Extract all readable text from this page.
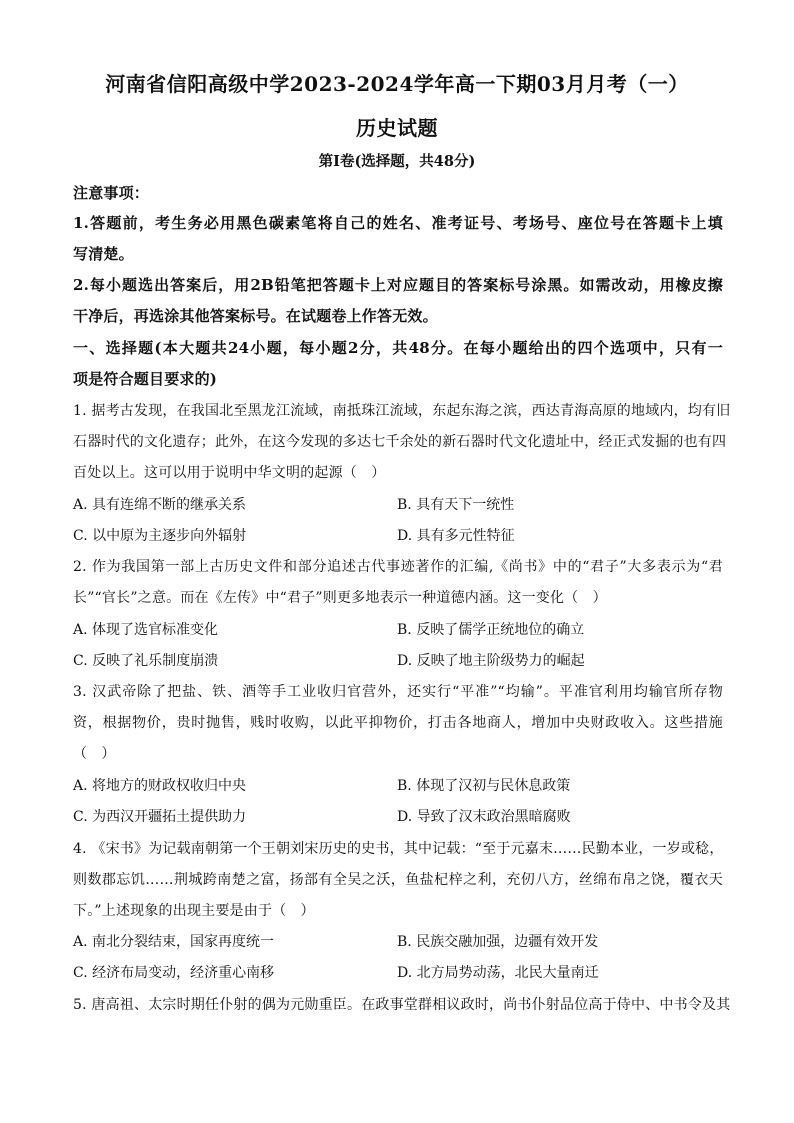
河南省信阳高级中学2023-2024学年高一下期03月月考（一）
历史试题
第Ⅰ卷(选择题，共48分)
注意事项：
1.答题前，考生务必用黑色碳素笔将自己的姓名、准考证号、考场号、座位号在答题卡上填
写清楚。
2.每小题选出答案后，用2B铅笔把答题卡上对应题目的答案标号涂黑。如需改动，用橡皮擦
干净后，再选涂其他答案标号。在试题卷上作答无效。
一、选择题(本大题共24小题，每小题2分，共48分。在每小题给出的四个选项中，只有一
项是符合题目要求的)
1. 据考古发现，在我国北至黑龙江流域，南抵珠江流域，东起东海之滨，西达青海高原的地域内，均有旧
石器时代的文化遗存；此外，在这今发现的多达七千余处的新石器时代文化遗址中，经正式发掘的也有四
百处以上。这可以用于说明中华文明的起源（　）
A. 具有连绵不断的继承关系	B. 具有天下一统性
C. 以中原为主逐步向外辐射	D. 具有多元性特征
2. 作为我国第一部上古历史文件和部分追述古代事迹著作的汇编,《尚书》中的“君子”大多表示为“君
长”“官长”之意。而在《左传》中“君子”则更多地表示一种道德内涵。这一变化（　）
A. 体现了选官标准变化	B. 反映了儒学正统地位的确立
C. 反映了礼乐制度崩溃	D. 反映了地主阶级势力的崛起
3. 汉武帝除了把盐、铁、酒等手工业收归官营外，还实行“平准”“均输”。平准官利用均输官所存物
资，根据物价，贵时抛售，贱时收购，以此平抑物价，打击各地商人，增加中央财政收入。这些措施
（　）
A. 将地方的财政权收归中央	B. 体现了汉初与民休息政策
C. 为西汉开疆拓土提供助力	D. 导致了汉末政治黑暗腐败
4. 《宋书》为记载南朝第一个王朝刘宋历史的史书，其中记载：“至于元嘉末……民勤本业，一岁或稔，
则数郡忘饥……荆城跨南楚之富，扬部有全吴之沃，鱼盐杞梓之利，充仞八方，丝绵布帛之饶，覆衣天
下。”上述现象的出现主要是由于（　）
A. 南北分裂结束，国家再度统一	B. 民族交融加强，边疆有效开发
C. 经济布局变动，经济重心南移	D. 北方局势动荡，北民大量南迁
5. 唐高祖、太宗时期任仆射的偶为元勋重臣。在政事堂群相议政时，尚书仆射品位高于侍中、中书令及其
